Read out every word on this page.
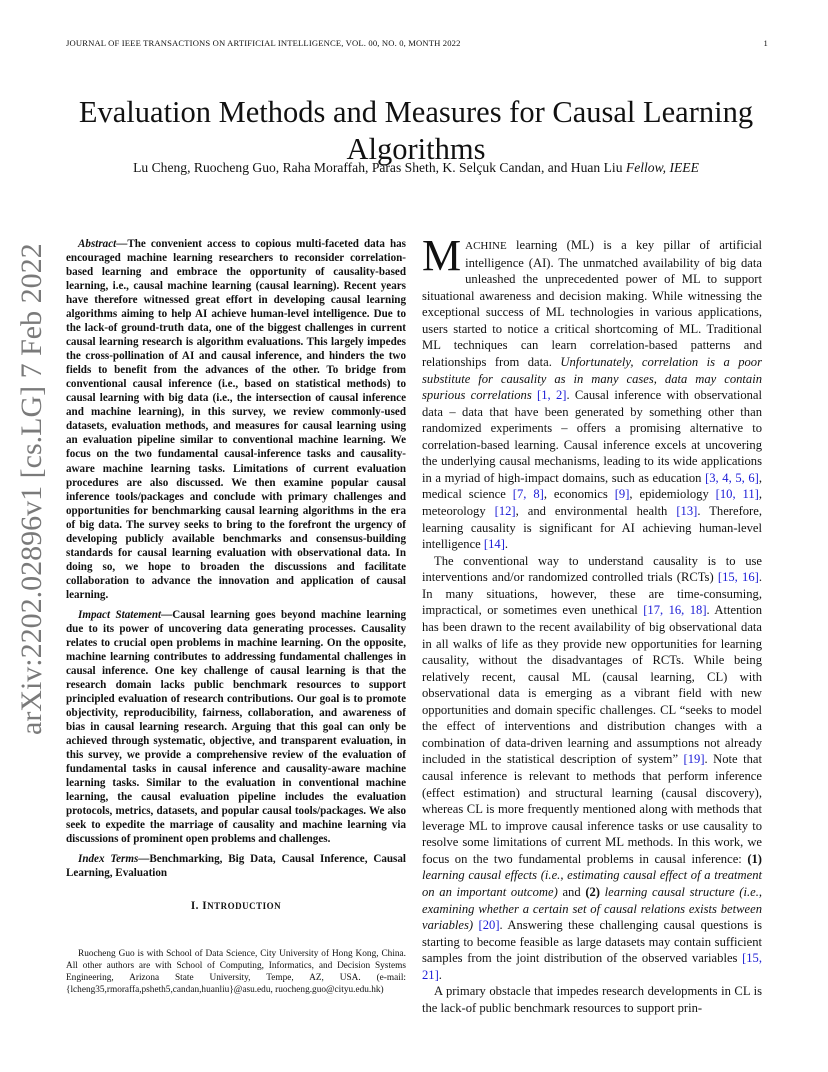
JOURNAL OF IEEE TRANSACTIONS ON ARTIFICIAL INTELLIGENCE, VOL. 00, NO. 0, MONTH 2022	1
Evaluation Methods and Measures for Causal Learning Algorithms
Lu Cheng, Ruocheng Guo, Raha Moraffah, Paras Sheth, K. Selçuk Candan, and Huan Liu Fellow, IEEE
arXiv:2202.02896v1 [cs.LG] 7 Feb 2022	Abstract—The convenient access to copious multi-faceted data has encouraged machine learning researchers to reconsider correlation-based learning and embrace the opportunity of causality-based learning, i.e., causal machine learning (causal learning). Recent years have therefore witnessed great effort in developing causal learning algorithms aiming to help AI achieve human-level intelligence. Due to the lack-of ground-truth data, one of the biggest challenges in current causal learning research is algorithm evaluations. This largely impedes the cross-pollination of AI and causal inference, and hinders the two fields to benefit from the advances of the other. To bridge from conventional causal inference (i.e., based on statistical methods) to causal learning with big data (i.e., the intersection of causal inference and machine learning), in this survey, we review commonly-used datasets, evaluation methods, and measures for causal learning using an evaluation pipeline similar to conventional machine learning. We focus on the two fundamental causal-inference tasks and causality-aware machine learning tasks. Limitations of current evaluation procedures are also discussed. We then examine popular causal inference tools/packages and conclude with primary challenges and opportunities for benchmarking causal learning algorithms in the era of big data. The survey seeks to bring to the forefront the urgency of developing publicly available benchmarks and consensus-building standards for causal learning evaluation with observational data. In doing so, we hope to broaden the discussions and facilitate collaboration to advance the innovation and application of causal learning.

Impact Statement—Causal learning goes beyond machine learning due to its power of uncovering data generating processes. Causality relates to crucial open problems in machine learning. On the opposite, machine learning contributes to addressing fundamental challenges in causal inference. One key challenge of causal learning is that the research domain lacks public benchmark resources to support principled evaluation of research contributions. Our goal is to promote objectivity, reproducibility, fairness, collaboration, and awareness of bias in causal learning research. Arguing that this goal can only be achieved through systematic, objective, and transparent evaluation, in this survey, we provide a comprehensive review of the evaluation of fundamental tasks in causal inference and causality-aware machine learning tasks. Similar to the evaluation in conventional machine learning, the causal evaluation pipeline includes the evaluation protocols, metrics, datasets, and popular causal tools/packages. We also seek to expedite the marriage of causality and machine learning via discussions of prominent open problems and challenges.

Index Terms—Benchmarking, Big Data, Causal Inference, Causal Learning, Evaluation

I. INTRODUCTION

Ruocheng Guo is with School of Data Science, City University of Hong Kong, China. All other authors are with School of Computing, Informatics, and Decision Systems Engineering, Arizona State University, Tempe, AZ, USA. (e-mail: {lcheng35,rmoraffa,psheth5,candan,huanliu}@asu.edu, ruocheng.guo@cityu.edu.hk)

MACHINE learning (ML) is a key pillar of artificial intelligence (AI). The unmatched availability of big data unleashed the unprecedented power of ML to support situational awareness and decision making. While witnessing the exceptional success of ML technologies in various applications, users started to notice a critical shortcoming of ML. Traditional ML techniques can learn correlation-based patterns and relationships from data. Unfortunately, correlation is a poor substitute for causality as in many cases, data may contain spurious correlations [1, 2]. Causal inference with observational data – data that have been generated by something other than randomized experiments – offers a promising alternative to correlation-based learning. Causal inference excels at uncovering the underlying causal mechanisms, leading to its wide applications in a myriad of high-impact domains, such as education [3, 4, 5, 6], medical science [7, 8], economics [9], epidemiology [10, 11], meteorology [12], and environmental health [13]. Therefore, learning causality is significant for AI achieving human-level intelligence [14].

The conventional way to understand causality is to use interventions and/or randomized controlled trials (RCTs) [15, 16]. In many situations, however, these are time-consuming, impractical, or sometimes even unethical [17, 16, 18]. Attention has been drawn to the recent availability of big observational data in all walks of life as they provide new opportunities for learning causality, without the disadvantages of RCTs. While being relatively recent, causal ML (causal learning, CL) with observational data is emerging as a vibrant field with new opportunities and domain specific challenges. CL “seeks to model the effect of interventions and distribution changes with a combination of data-driven learning and assumptions not already included in the statistical description of system” [19]. Note that causal inference is relevant to methods that perform inference (effect estimation) and structural learning (causal discovery), whereas CL is more frequently mentioned along with methods that leverage ML to improve causal inference tasks or use causality to resolve some limitations of current ML methods. In this work, we focus on the two fundamental problems in causal inference: (1) learning causal effects (i.e., estimating causal effect of a treatment on an important outcome) and (2) learning causal structure (i.e., examining whether a certain set of causal relations exists between variables) [20]. Answering these challenging causal questions is starting to become feasible as large datasets may contain sufficient samples from the joint distribution of the observed variables [15, 21].

A primary obstacle that impedes research developments in CL is the lack-of public benchmark resources to support prin-
